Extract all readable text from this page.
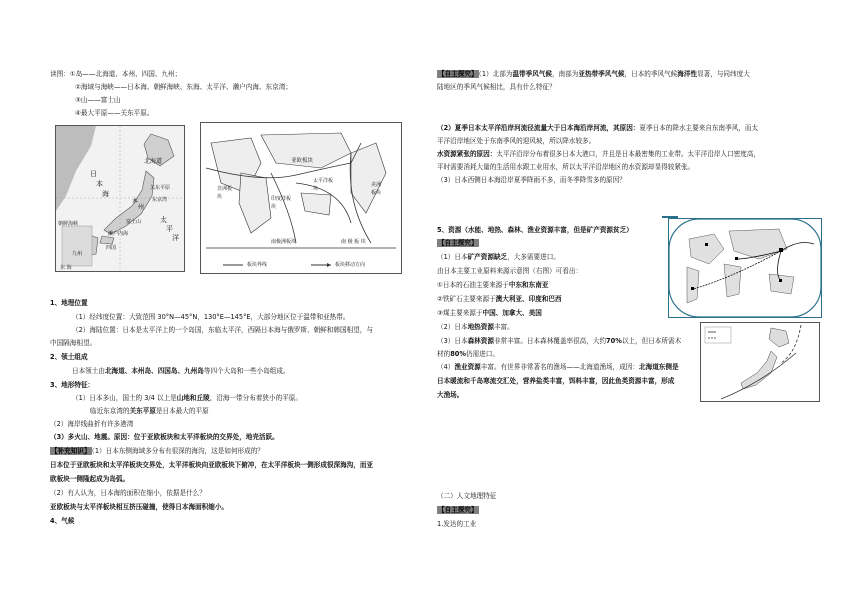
读图：①岛——北海道、本州、四国、九州；
②海域与海峡——日本海、朝鲜海峡、东海、太平洋、濑户内海、东京湾；
③山——富士山
④最大平原——关东平原。
北海道
日
本
海
本
州
太
平
洋
四国
九州
东京湾
东 海
朝鲜海峡
濑户内海
富士山
关东平原
亚欧板块
非洲板块	印度洋板块
太平洋板块
美洲板块
南极洲板块	南 极 板 块
板块界线	板块移动方向
1、地理位置
（1）经纬度位置：大致范围 30°N—45°N，130°E—145°E，大部分地区位于温带和亚热带。
（2）海陆位置：日本是太平洋上的一个岛国，东临太平洋，西隔日本海与俄罗斯、朝鲜和韩国相望，与
中国隔海相望。
2、领土组成
日本领土由北海道、本州岛、四国岛、九州岛等四个大岛和一些小岛组成。
3、地形特征：
（1）日本多山，国土的 3/4 以上是山地和丘陵，沿海一带分布着狭小的平原。
临近东京湾的关东平原是日本最大的平原
（2）海岸线曲折有许多港湾
（3）多火山、地震。原因：位于亚欧板块和太平洋板块的交界处，地壳活跃。
【补充知识】（1）日本东侧海域多分布有很深的海沟，这是如何形成的？
日本位于亚欧板块和太平洋板块交界处，太平洋板块向亚欧板块下俯冲，在太平洋板块一侧形成很深海沟，而亚
欧板块一侧隆起成为岛弧。
（2）有人认为，日本海的面积在缩小，依据是什么？
亚欧板块与太平洋板块相互挤压碰撞，使得日本海面积缩小。
4、气候
【自主探究】（1）北部为温带季风气候，南部为亚热带季风气候，日本的季风气候海洋性显著，与同纬度大
陆地区的季风气候相比，具有什么特征？
（2）夏季日本太平洋沿岸河流径流量大于日本海沿岸河流，其原因：夏季日本的降水主要来自东南季风，而太
平洋沿岸地区处于东南季风的迎风坡，所以降水较多。
水资源紧张的原因：太平洋沿岸分布着很多日本大港口，并且是日本最密集的工业带。太平洋沿岸人口密度高，
平时需要消耗大量的生活用水跟工业用水，所以太平洋沿岸地区的水资源却显得较紧张。
（3）日本西侧日本海沿岸夏季降雨不多，而冬季降雪多的原因？
5、资源（水能、地热、森林、渔业资源丰富，但是矿产资源贫乏）
【自主探究】
（1）日本矿产资源缺乏，大多需要进口。
由日本主要工业原料来源示意图（右图）可看出：
①日本的石油主要来源于中东和东南亚
②铁矿石主要来源于澳大利亚、印度和巴西
③煤主要来源于中国、加拿大、美国
（2）日本地热资源丰富。
（3）日本森林资源非常丰富。日本森林覆盖率很高，大约70%以上，但日本所需木
材的80%仍需进口。
（4）渔业资源丰富。有世界非常著名的渔场——北海道渔场，成因：北海道东侧是
日本暖流和千岛寒流交汇处，营养盐类丰富，饵料丰富，因此鱼类资源丰富，形成
大渔场。
（二）人文地理特征
【自主探究】
1.发达的工业
